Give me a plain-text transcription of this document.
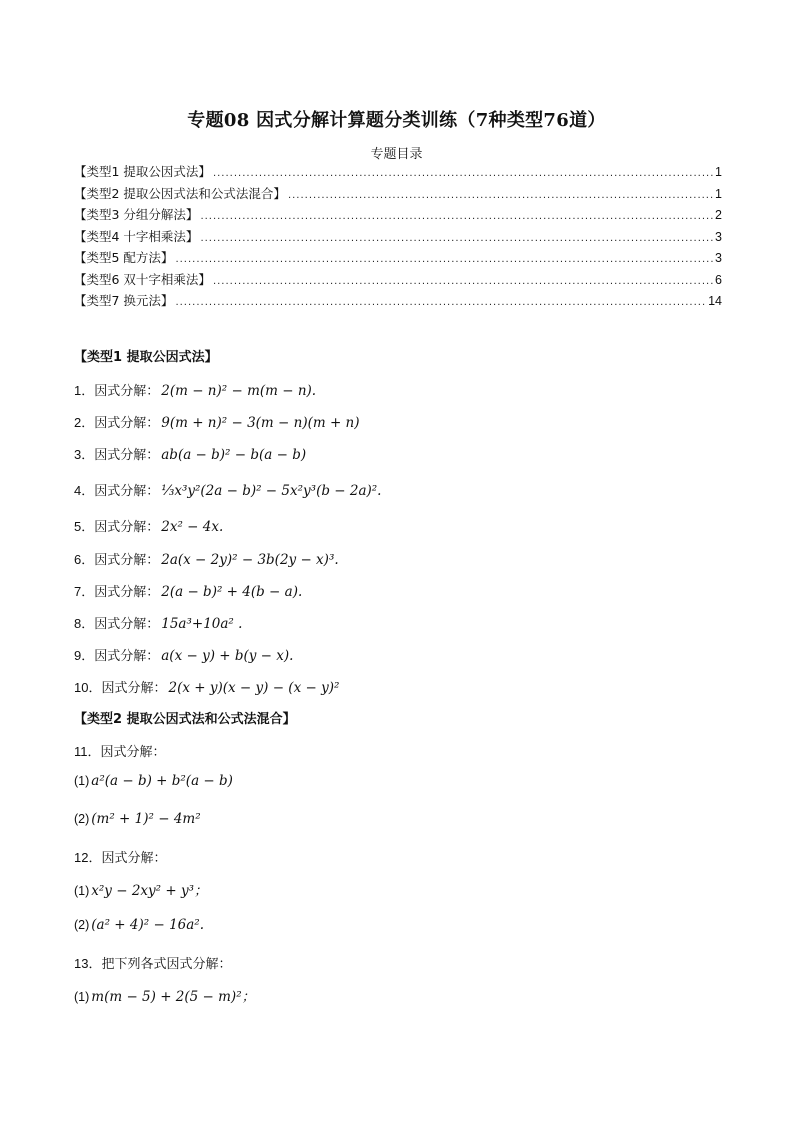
专题08 因式分解计算题分类训练（7种类型76道）
专题目录
【类型1 提取公因式法】 .....	1
【类型2 提取公因式法和公式法混合】 .....	1
【类型3 分组分解法】 .....	2
【类型4 十字相乘法】 .....	3
【类型5 配方法】 .....	3
【类型6 双十字相乘法】 .....	6
【类型7 换元法】 .....	14
【类型1 提取公因式法】
1．因式分解： 2(m − n)² − m(m − n).
2．因式分解： 9(m + n)² − 3(m − n)(m + n)
3．因式分解： ab(a − b)² − b(a − b)
4．因式分解： ⅓x³y²(2a − b)² − 5x²y³(b − 2a)².
5．因式分解： 2x² − 4x.
6．因式分解： 2a(x − 2y)² − 3b(2y − x)³.
7．因式分解： 2(a − b)² + 4(b − a).
8．因式分解： 15a³+10a² .
9．因式分解： a(x − y) + b(y − x).
10．因式分解： 2(x + y)(x − y) − (x − y)²
【类型2 提取公因式法和公式法混合】
11．因式分解：
(1) a²(a − b) + b²(a − b)
(2) (m² + 1)² − 4m²
12．因式分解：
(1) x²y − 2xy² + y³；
(2) (a² + 4)² − 16a².
13．把下列各式因式分解：
(1) m(m − 5) + 2(5 − m)²；
